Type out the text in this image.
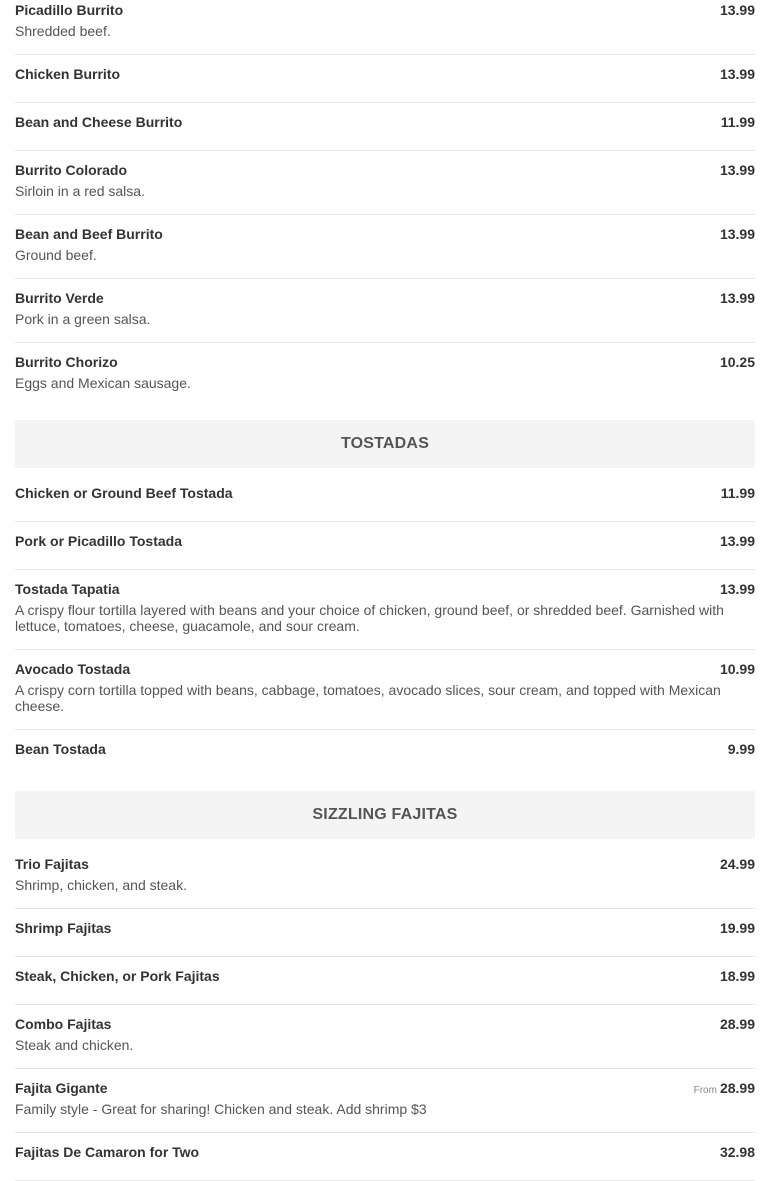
Picadillo Burrito	13.99
Shredded beef.
Chicken Burrito	13.99
Bean and Cheese Burrito	11.99
Burrito Colorado	13.99
Sirloin in a red salsa.
Bean and Beef Burrito	13.99
Ground beef.
Burrito Verde	13.99
Pork in a green salsa.
Burrito Chorizo	10.25
Eggs and Mexican sausage.
TOSTADAS
Chicken or Ground Beef Tostada	11.99
Pork or Picadillo Tostada	13.99
Tostada Tapatia	13.99
A crispy flour tortilla layered with beans and your choice of chicken, ground beef, or shredded beef. Garnished with lettuce, tomatoes, cheese, guacamole, and sour cream.
Avocado Tostada	10.99
A crispy corn tortilla topped with beans, cabbage, tomatoes, avocado slices, sour cream, and topped with Mexican cheese.
Bean Tostada	9.99
SIZZLING FAJITAS
Trio Fajitas	24.99
Shrimp, chicken, and steak.
Shrimp Fajitas	19.99
Steak, Chicken, or Pork Fajitas	18.99
Combo Fajitas	28.99
Steak and chicken.
Fajita Gigante	From 28.99
Family style - Great for sharing! Chicken and steak. Add shrimp $3
Fajitas De Camaron for Two	32.98
